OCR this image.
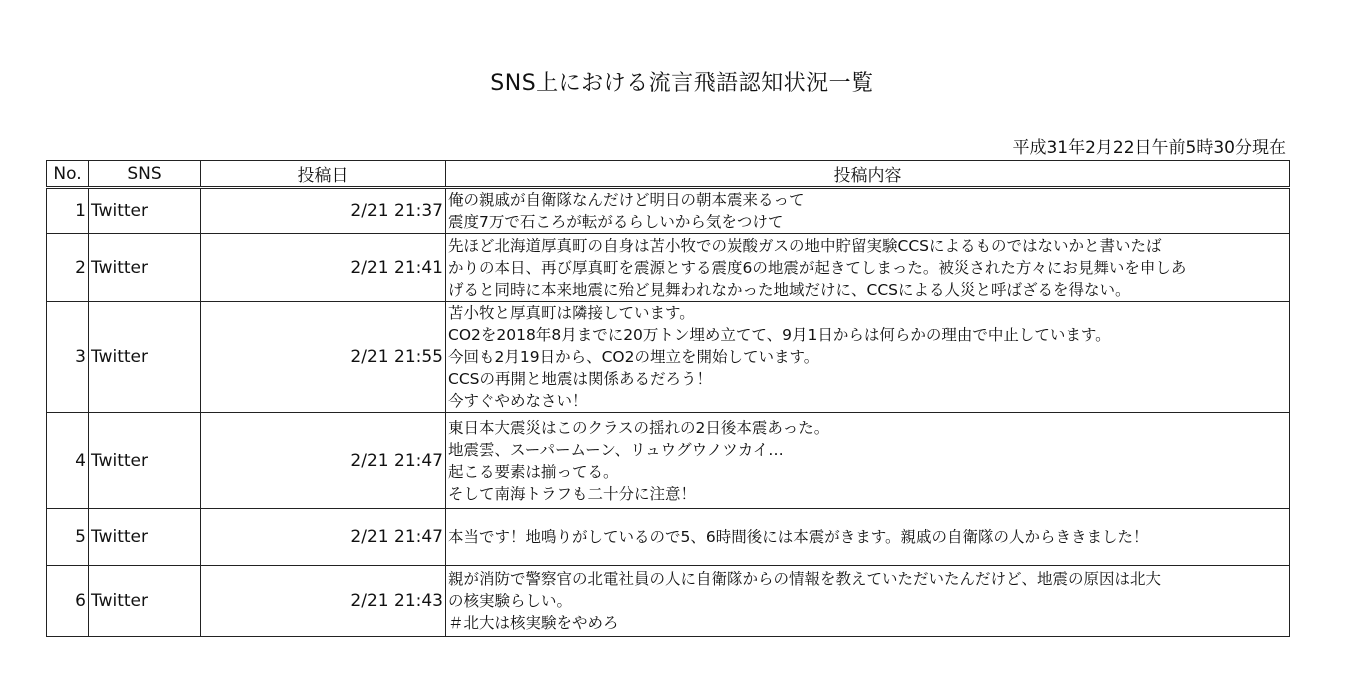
SNS上における流言飛語認知状況一覧
平成31年2月22日午前5時30分現在
No.	SNS	投稿日	投稿内容
1	Twitter	2/21 21:37	俺の親戚が自衛隊なんだけど明日の朝本震来るって
震度7万で石ころが転がるらしいから気をつけて

2	Twitter	2/21 21:41	先ほど北海道厚真町の自身は苫小牧での炭酸ガスの地中貯留実験CCSによるものではないかと書いたば
かりの本日、再び厚真町を震源とする震度6の地震が起きてしまった。被災された方々にお見舞いを申しあ
げると同時に本来地震に殆ど見舞われなかった地域だけに、CCSによる人災と呼ばざるを得ない。

3	Twitter	2/21 21:55	苫小牧と厚真町は隣接しています。
CO2を2018年8月までに20万トン埋め立てて、9月1日からは何らかの理由で中止しています。
今回も2月19日から、CO2の埋立を開始しています。
CCSの再開と地震は関係あるだろう！
今すぐやめなさい！

4	Twitter	2/21 21:47	東日本大震災はこのクラスの揺れの2日後本震あった。
地震雲、スーパームーン、リュウグウノツカイ…
起こる要素は揃ってる。
そして南海トラフも二十分に注意！

5	Twitter	2/21 21:47	本当です！地鳴りがしているので5、6時間後には本震がきます。親戚の自衛隊の人からききました！

6	Twitter	2/21 21:43	親が消防で警察官の北電社員の人に自衛隊からの情報を教えていただいたんだけど、地震の原因は北大
の核実験らしい。
＃北大は核実験をやめろ
